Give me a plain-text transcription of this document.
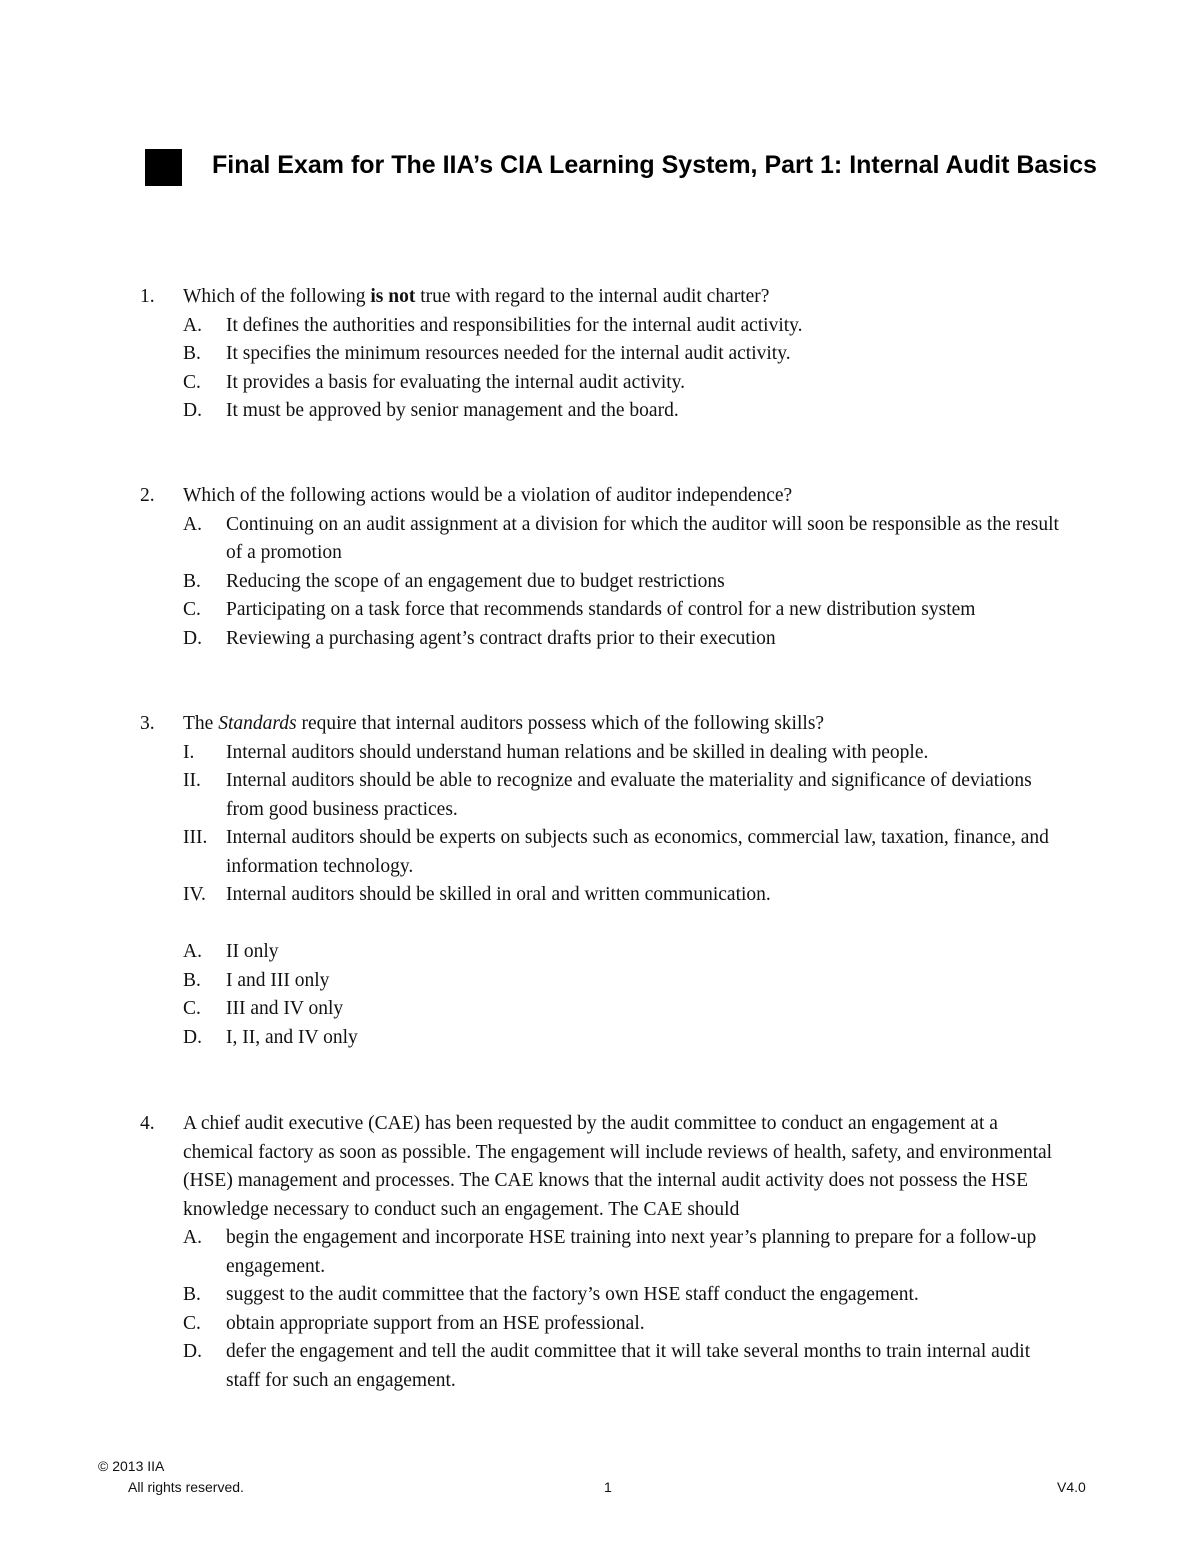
Final Exam for The IIA’s CIA Learning System, Part 1: Internal Audit Basics
1. Which of the following is not true with regard to the internal audit charter?
A. It defines the authorities and responsibilities for the internal audit activity.
B. It specifies the minimum resources needed for the internal audit activity.
C. It provides a basis for evaluating the internal audit activity.
D. It must be approved by senior management and the board.
2. Which of the following actions would be a violation of auditor independence?
A. Continuing on an audit assignment at a division for which the auditor will soon be responsible as the result of a promotion
B. Reducing the scope of an engagement due to budget restrictions
C. Participating on a task force that recommends standards of control for a new distribution system
D. Reviewing a purchasing agent’s contract drafts prior to their execution
3. The Standards require that internal auditors possess which of the following skills?
I. Internal auditors should understand human relations and be skilled in dealing with people.
II. Internal auditors should be able to recognize and evaluate the materiality and significance of deviations from good business practices.
III. Internal auditors should be experts on subjects such as economics, commercial law, taxation, finance, and information technology.
IV. Internal auditors should be skilled in oral and written communication.
A. II only
B. I and III only
C. III and IV only
D. I, II, and IV only
4. A chief audit executive (CAE) has been requested by the audit committee to conduct an engagement at a chemical factory as soon as possible. The engagement will include reviews of health, safety, and environmental (HSE) management and processes. The CAE knows that the internal audit activity does not possess the HSE knowledge necessary to conduct such an engagement. The CAE should
A. begin the engagement and incorporate HSE training into next year’s planning to prepare for a follow-up engagement.
B. suggest to the audit committee that the factory’s own HSE staff conduct the engagement.
C. obtain appropriate support from an HSE professional.
D. defer the engagement and tell the audit committee that it will take several months to train internal audit staff for such an engagement.
© 2013 IIA
All rights reserved.	1	V4.0
